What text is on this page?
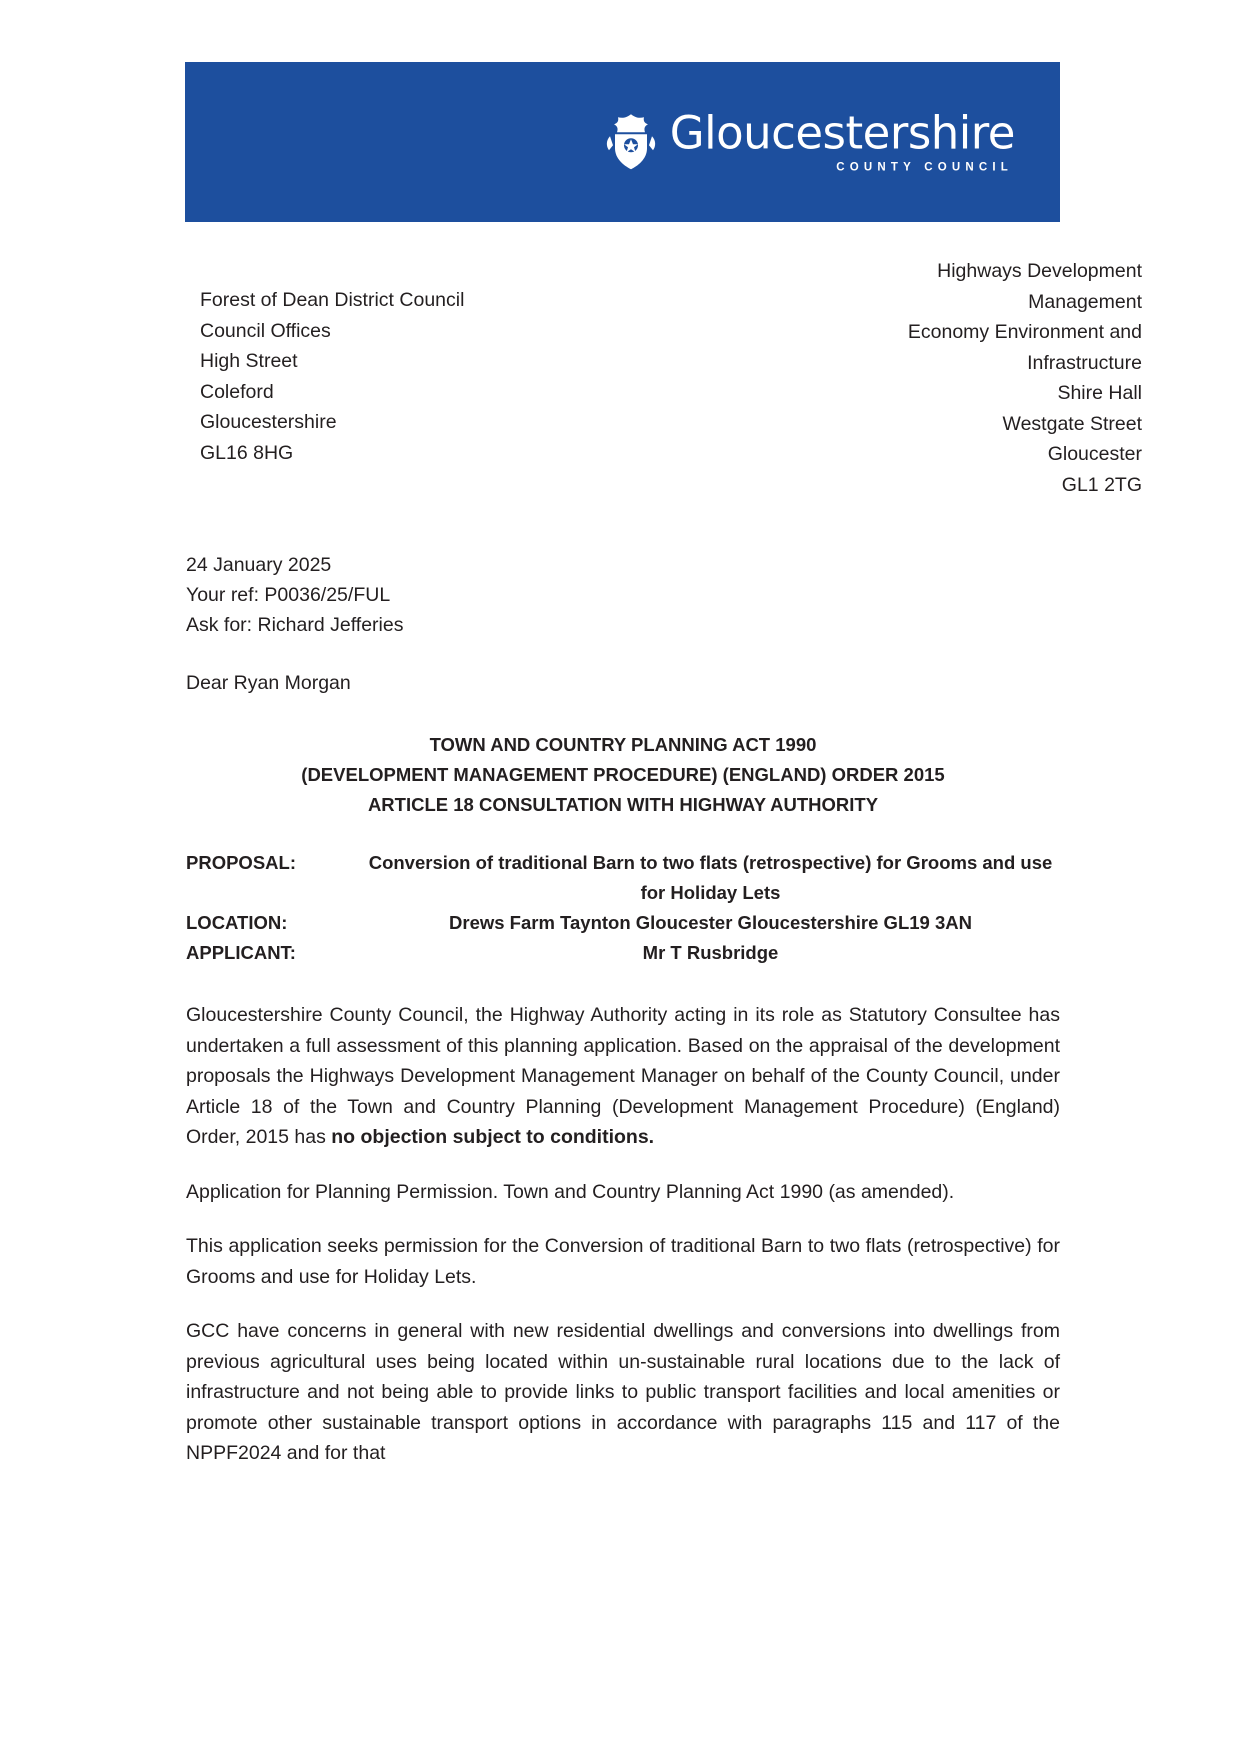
Gloucestershire
COUNTY COUNCIL
Highways Development
Management
Economy Environment and
Infrastructure
Shire Hall
Westgate Street
Gloucester
GL1 2TG
Forest of Dean District Council
Council Offices
High Street
Coleford
Gloucestershire
GL16 8HG
24 January 2025
Your ref: P0036/25/FUL
Ask for: Richard Jefferies
Dear Ryan Morgan
TOWN AND COUNTRY PLANNING ACT 1990
(DEVELOPMENT MANAGEMENT PROCEDURE) (ENGLAND) ORDER 2015
ARTICLE 18 CONSULTATION WITH HIGHWAY AUTHORITY
PROPOSAL:	Conversion of traditional Barn to two flats (retrospective) for Grooms and use for Holiday Lets
LOCATION:	Drews Farm Taynton Gloucester Gloucestershire GL19 3AN
APPLICANT:	Mr T Rusbridge

Gloucestershire County Council, the Highway Authority acting in its role as Statutory Consultee has undertaken a full assessment of this planning application. Based on the appraisal of the development proposals the Highways Development Management Manager on behalf of the County Council, under Article 18 of the Town and Country Planning (Development Management Procedure) (England) Order, 2015 has no objection subject to conditions.

Application for Planning Permission. Town and Country Planning Act 1990 (as amended).

This application seeks permission for the Conversion of traditional Barn to two flats (retrospective) for Grooms and use for Holiday Lets.

GCC have concerns in general with new residential dwellings and conversions into dwellings from previous agricultural uses being located within un-sustainable rural locations due to the lack of infrastructure and not being able to provide links to public transport facilities and local amenities or promote other sustainable transport options in accordance with paragraphs 115 and 117 of the NPPF2024 and for that
